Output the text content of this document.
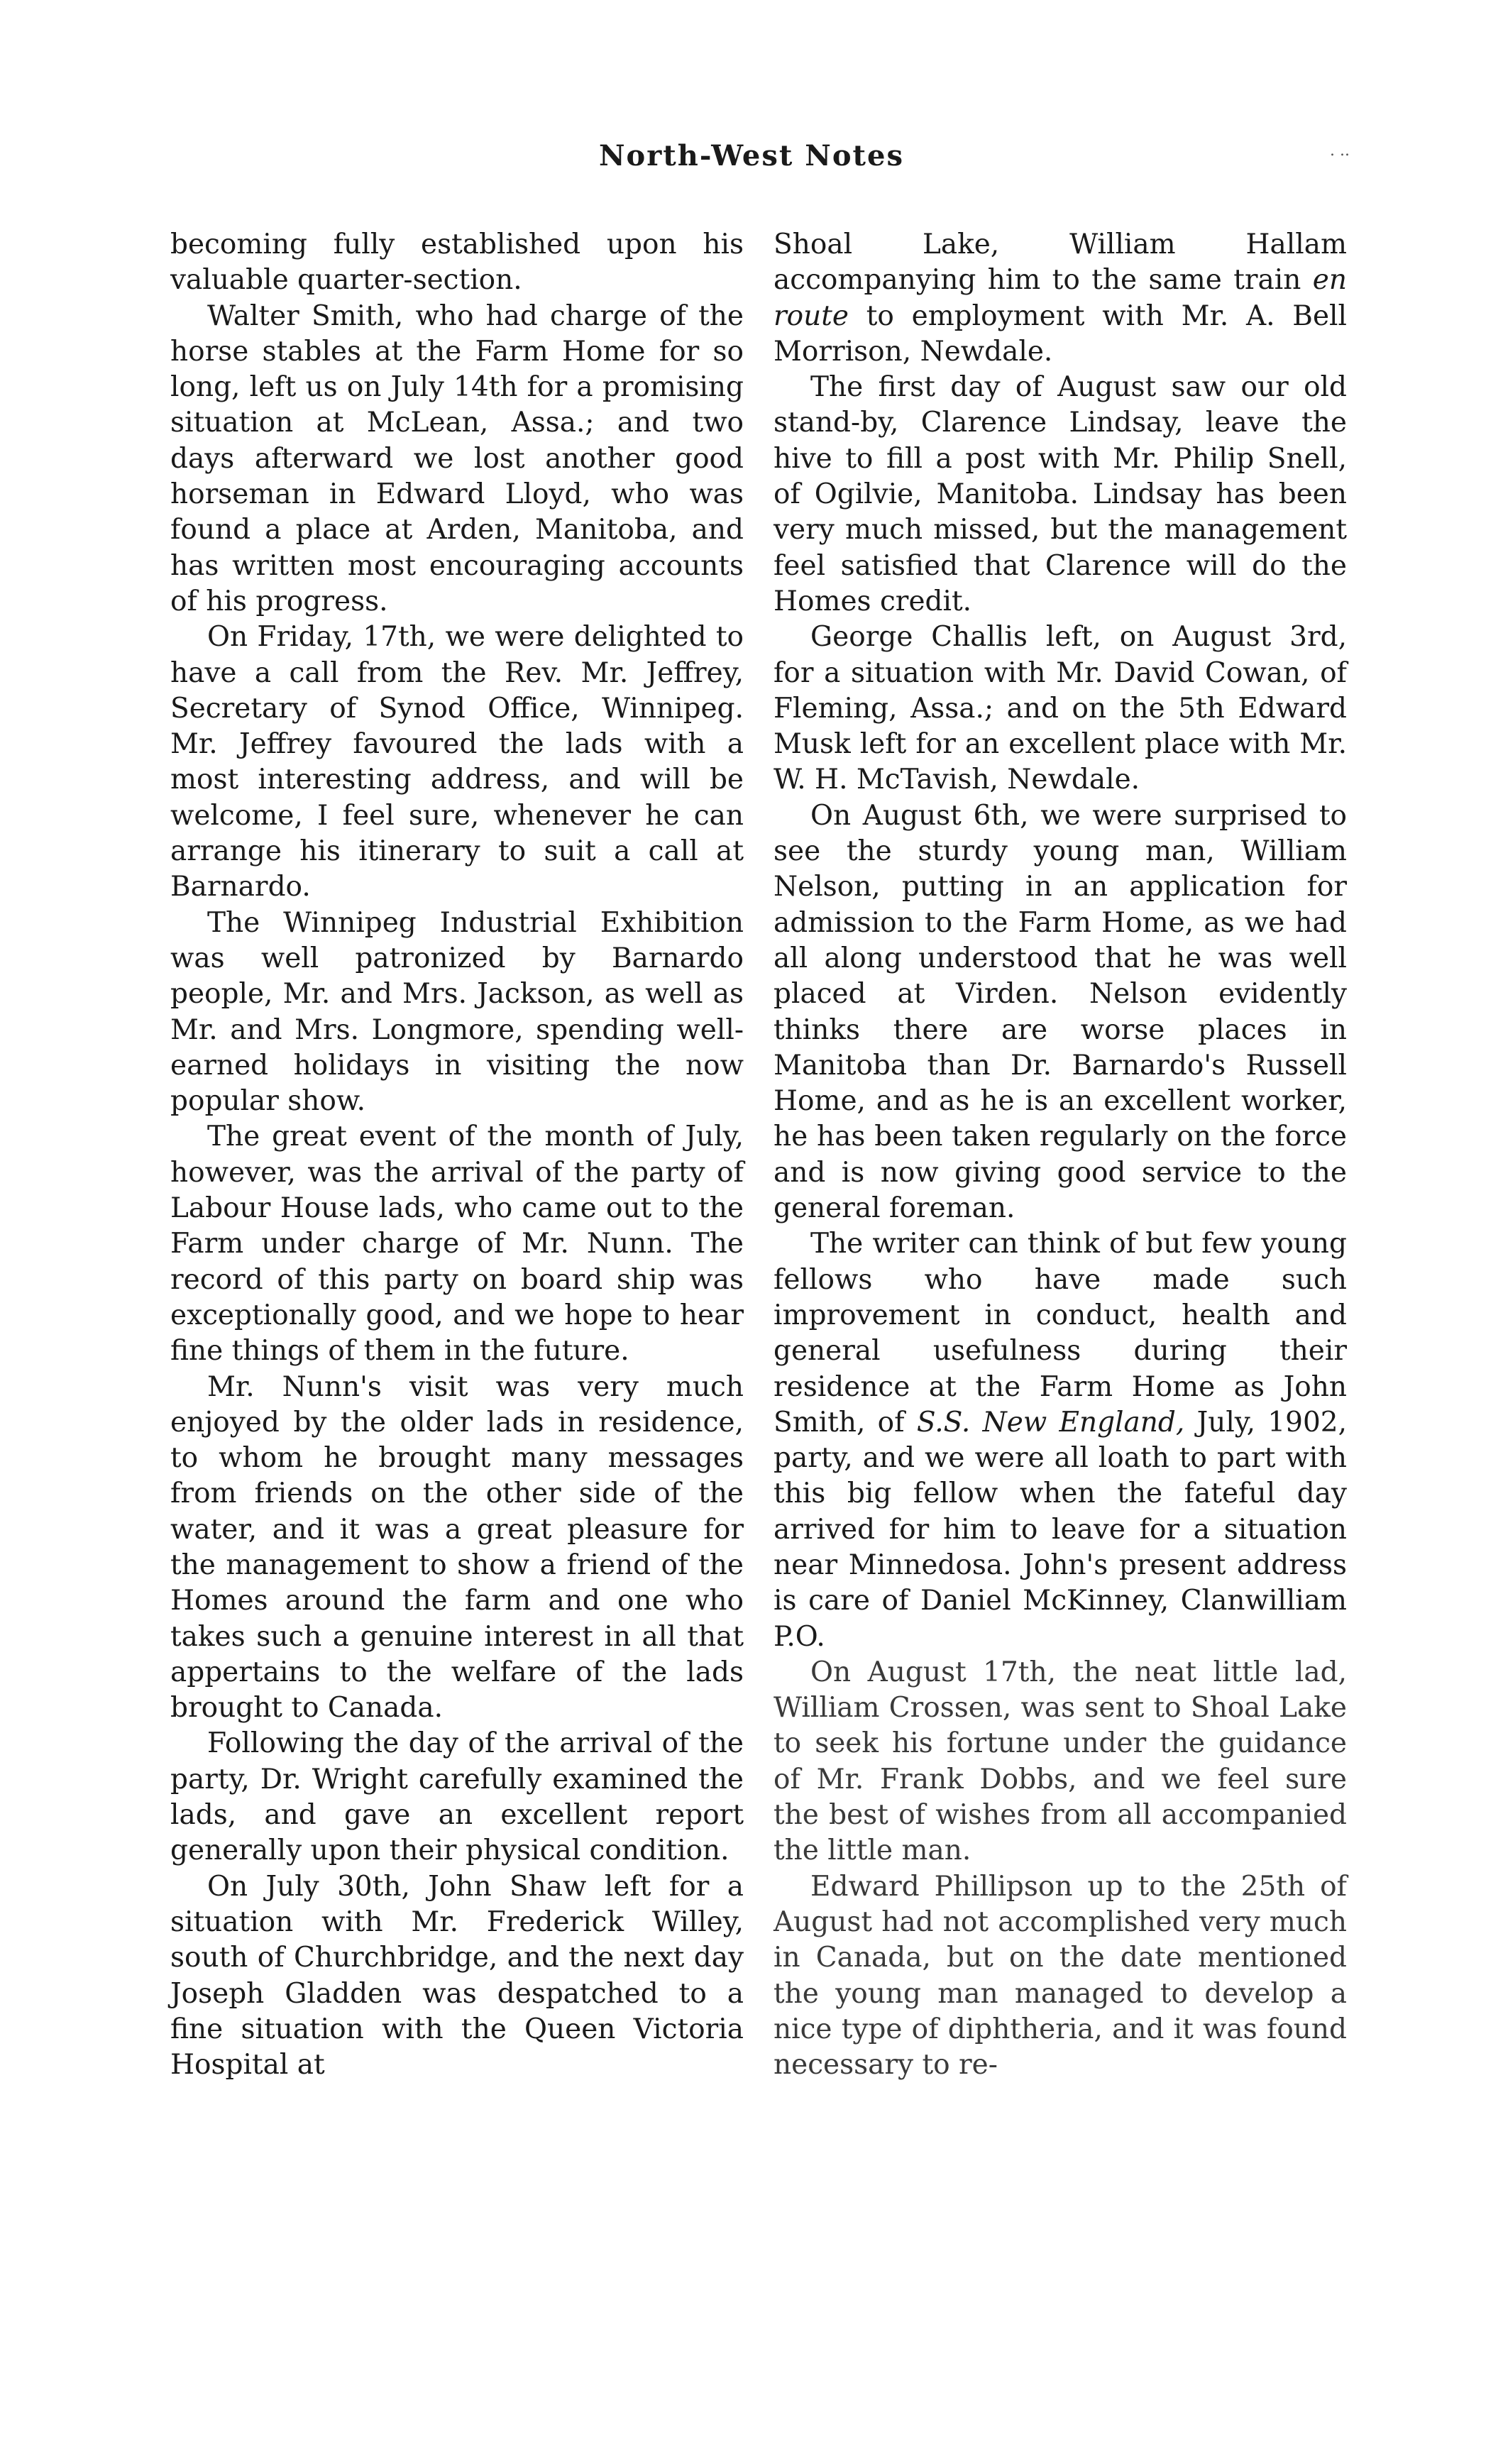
North-West Notes	. ..

becoming fully established upon his valuable quarter-section.

Walter Smith, who had charge of the horse stables at the Farm Home for so long, left us on July 14th for a promising situation at McLean, Assa.; and two days afterward we lost another good horseman in Edward Lloyd, who was found a place at Arden, Manitoba, and has written most encouraging accounts of his progress.

On Friday, 17th, we were delighted to have a call from the Rev. Mr. Jeffrey, Secretary of Synod Office, Winnipeg. Mr. Jeffrey favoured the lads with a most interesting address, and will be welcome, I feel sure, whenever he can arrange his itinerary to suit a call at Barnardo.

The Winnipeg Industrial Exhibition was well patronized by Barnardo people, Mr. and Mrs. Jackson, as well as Mr. and Mrs. Longmore, spending well-earned holidays in visiting the now popular show.

The great event of the month of July, however, was the arrival of the party of Labour House lads, who came out to the Farm under charge of Mr. Nunn. The record of this party on board ship was exceptionally good, and we hope to hear fine things of them in the future.

Mr. Nunn's visit was very much enjoyed by the older lads in residence, to whom he brought many messages from friends on the other side of the water, and it was a great pleasure for the management to show a friend of the Homes around the farm and one who takes such a genuine interest in all that appertains to the welfare of the lads brought to Canada.

Following the day of the arrival of the party, Dr. Wright carefully examined the lads, and gave an excellent report generally upon their physical condition.

On July 30th, John Shaw left for a situation with Mr. Frederick Willey, south of Churchbridge, and the next day Joseph Gladden was despatched to a fine situation with the Queen Victoria Hospital at

Shoal Lake, William Hallam accompanying him to the same train en route to employment with Mr. A. Bell Morrison, Newdale.

The first day of August saw our old stand-by, Clarence Lindsay, leave the hive to fill a post with Mr. Philip Snell, of Ogilvie, Manitoba. Lindsay has been very much missed, but the management feel satisfied that Clarence will do the Homes credit.

George Challis left, on August 3rd, for a situation with Mr. David Cowan, of Fleming, Assa.; and on the 5th Edward Musk left for an excellent place with Mr. W. H. McTavish, Newdale.

On August 6th, we were surprised to see the sturdy young man, William Nelson, putting in an application for admission to the Farm Home, as we had all along understood that he was well placed at Virden. Nelson evidently thinks there are worse places in Manitoba than Dr. Barnardo's Russell Home, and as he is an excellent worker, he has been taken regularly on the force and is now giving good service to the general foreman.

The writer can think of but few young fellows who have made such improvement in conduct, health and general usefulness during their residence at the Farm Home as John Smith, of S.S. New England, July, 1902, party, and we were all loath to part with this big fellow when the fateful day arrived for him to leave for a situation near Minnedosa. John's present address is care of Daniel McKinney, Clanwilliam P.O.

On August 17th, the neat little lad, William Crossen, was sent to Shoal Lake to seek his fortune under the guidance of Mr. Frank Dobbs, and we feel sure the best of wishes from all accompanied the little man.

Edward Phillipson up to the 25th of August had not accomplished very much in Canada, but on the date mentioned the young man managed to develop a nice type of diphtheria, and it was found necessary to re-
